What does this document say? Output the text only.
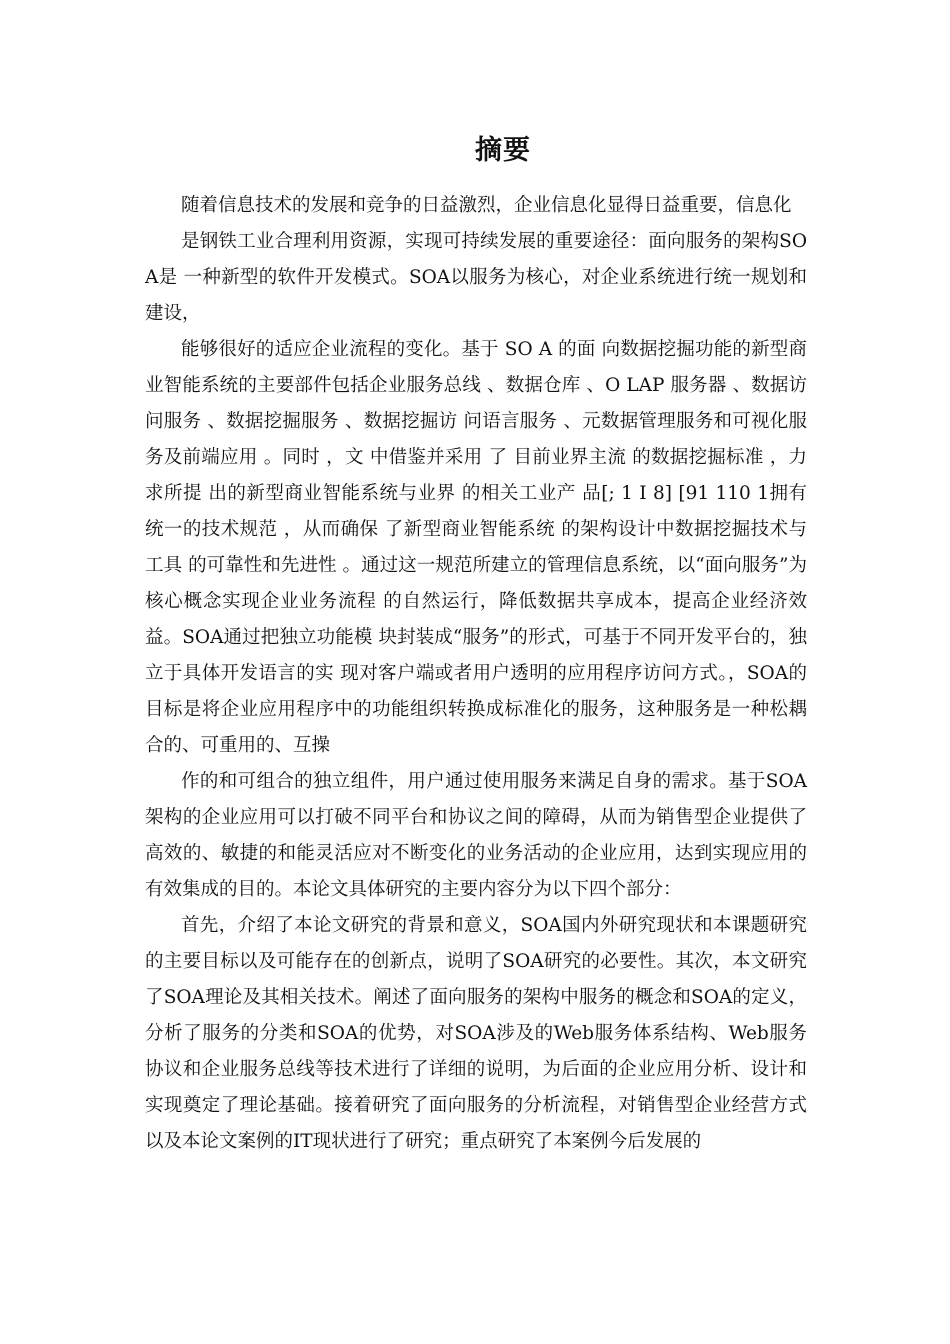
摘要

随着信息技术的发展和竞争的日益激烈，企业信息化显得日益重要，信息化

是钢铁工业合理利用资源，实现可持续发展的重要途径：面向服务的架构SOA是 一种新型的软件开发模式。SOA以服务为核心，对企业系统进行统一规划和建设，

能够很好的适应企业流程的变化。基于 SO A 的面 向数据挖掘功能的新型商业智能系统的主要部件包括企业服务总线 、数据仓库 、O LAP 服务器 、数据访 问服务 、数据挖掘服务 、数据挖掘访 问语言服务 、元数据管理服务和可视化服务及前端应用 。同时 ，文 中借鉴并采用 了 目前业界主流 的数据挖掘标准 ，力求所提 出的新型商业智能系统与业界 的相关工业产 品[; 1 I 8] [91 110 1拥有统一的技术规范 ，从而确保 了新型商业智能系统 的架构设计中数据挖掘技术与工具 的可靠性和先进性 。通过这一规范所建立的管理信息系统，以“面向服务”为核心概念实现企业业务流程 的自然运行，降低数据共享成本，提高企业经济效益。SOA通过把独立功能模 块封装成“服务”的形式，可基于不同开发平台的，独立于具体开发语言的实 现对客户端或者用户透明的应用程序访问方式。，SOA的目标是将企业应用程序中的功能组织转换成标准化的服务，这种服务是一种松耦合的、可重用的、互操

作的和可组合的独立组件，用户通过使用服务来满足自身的需求。基于SOA架构的企业应用可以打破不同平台和协议之间的障碍，从而为销售型企业提供了高效的、敏捷的和能灵活应对不断变化的业务活动的企业应用，达到实现应用的有效集成的目的。本论文具体研究的主要内容分为以下四个部分：

首先，介绍了本论文研究的背景和意义，SOA国内外研究现状和本课题研究的主要目标以及可能存在的创新点，说明了SOA研究的必要性。其次，本文研究了SOA理论及其相关技术。阐述了面向服务的架构中服务的概念和SOA的定义，分析了服务的分类和SOA的优势，对SOA涉及的Web服务体系结构、Web服务协议和企业服务总线等技术进行了详细的说明，为后面的企业应用分析、设计和实现奠定了理论基础。接着研究了面向服务的分析流程，对销售型企业经营方式以及本论文案例的IT现状进行了研究；重点研究了本案例今后发展的
